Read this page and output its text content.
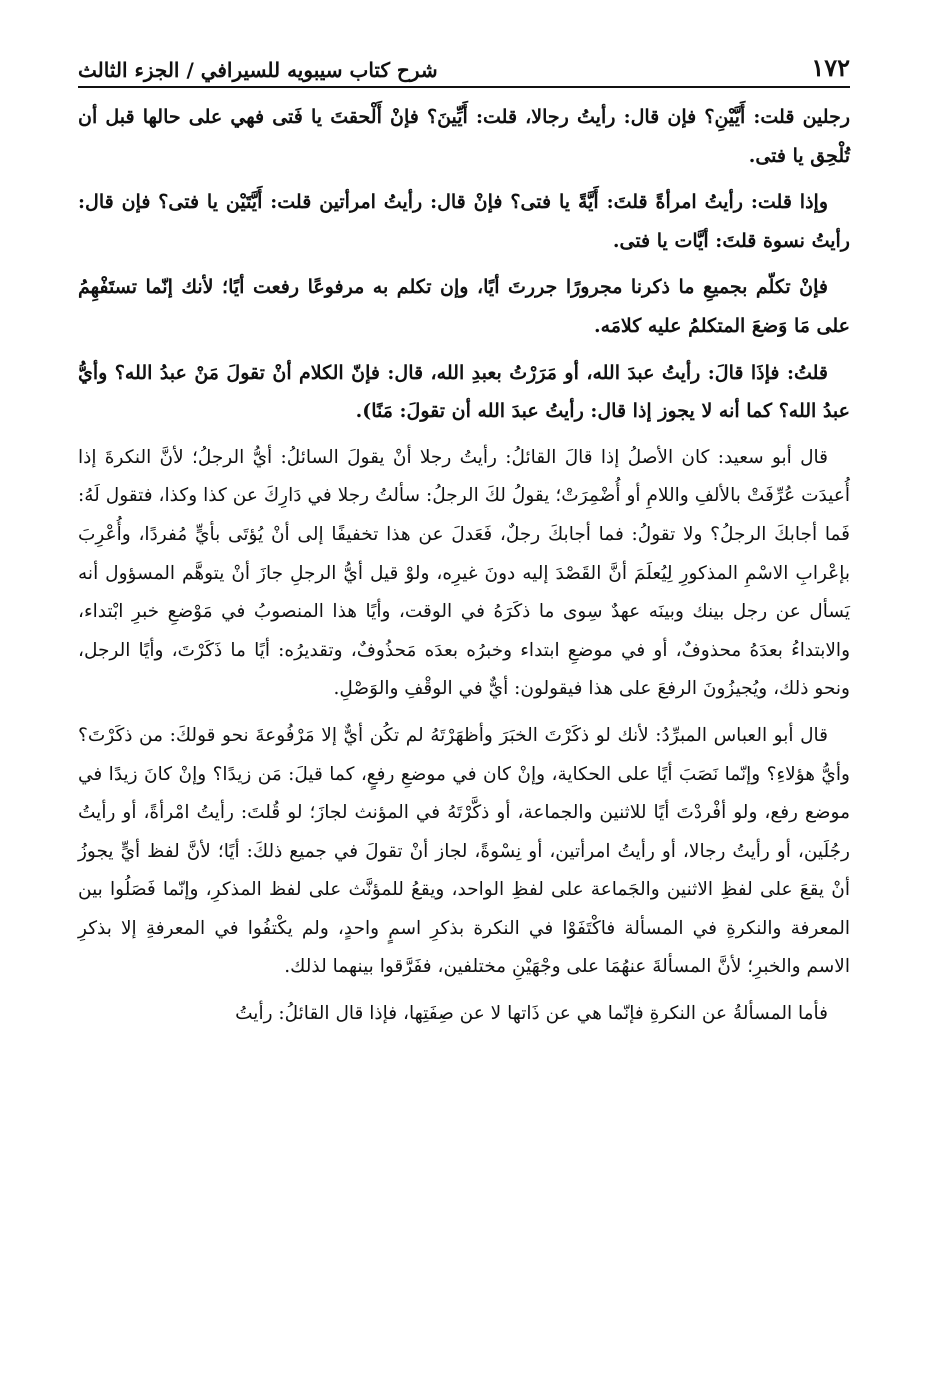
١٧٢
شرح كتاب سيبويه للسيرافي / الجزء الثالث

رجلين قلت: أَيَّيْنِ؟ فإن قال: رأيتُ رجالا، قلت: أَيِّينَ؟ فإنْ أَلْحقتَ يا فَتى فهي على حالها قبل أن تُلْحِق يا فتى.

وإذا قلت: رأيتُ امرأةً قلتَ: أَيَّةً يا فتى؟ فإنْ قال: رأيتُ امرأتين قلت: أَيَّتَيْن يا فتى؟ فإن قال: رأيتُ نسوة قلتَ: أيَّات يا فتى.

فإنْ تكلّم بجميعِ ما ذكرنا مجرورًا جررتَ أيًا، وإن تكلم به مرفوعًا رفعت أيًا؛ لأنك إنّما تستَفْهِمُ على مَا وَضعَ المتكلمُ عليه كلامَه.

قلتُ: فإذَا قالَ: رأيتُ عبدَ الله، أو مَرَرْتُ بعبدِ الله، قال: فإنّ الكلام أنْ تقولَ مَنْ عبدُ الله؟ وأيُّ عبدُ الله؟ كما أنه لا يجوز إذا قال: رأيتُ عبدَ الله أن تقولَ: مَنًا).

قال أبو سعيد: كان الأصلُ إذا قالَ القائلُ: رأيتُ رجلا أنْ يقولَ السائلُ: أيُّ الرجلُ؛ لأنَّ النكرةَ إذا أُعيدَت عُرِّفَتْ بالألفِ واللامِ أو أُضْمِرَتْ؛ يقولُ لكَ الرجلُ: سألتُ رجلا في دَارِكَ عن كذا وكذا، فتقول لَهُ: فَما أجابكَ الرجلُ؟ ولا تقولُ: فما أجابكَ رجلٌ، فَعَدلَ عن هذا تخفيفًا إلى أنْ يُؤتَى بأيٍّ مُفردًا، وأُعْرِبَ بإعْرابِ الاسْمِ المذكورِ لِيُعلَمَ أنَّ القَصْدَ إليه دونَ غيرِه، ولوْ قيل أيُّ الرجلِ جازَ أنْ يتوهَّم المسؤول أنه يَسأل عن رجل بينك وبينَه عهدٌ سِوى ما ذكَرَهُ في الوقت، وأيًا هذا المنصوبُ في مَوْضعِ خبرِ ابْتداء، والابتداءُ بعدَهُ محذوفٌ، أو في موضعِ ابتداء وخبرُه بعدَه مَحذُوفٌ، وتقديرُه: أيًا ما ذَكَرْتَ، وأيًا الرجل، ونحو ذلك، ويُجيزُونَ الرفعَ على هذا فيقولون: أيٌّ في الوقْفِ والوَصْلِ.

قال أبو العباس المبرِّدُ: لأنك لو ذكَرْتَ الخبَرَ وأظهَرْتَهُ لم تكُن أيٌّ إلا مَرْفُوعةَ نحو قولكَ: من ذكَرْتَ؟ وأيُّ هؤلاءِ؟ وإنّما نَصَبَ أيًا على الحكاية، وإنْ كان في موضعِ رفعٍ، كما قيلَ: مَن زيدًا؟ وإنْ كانَ زيدًا في موضع رفع، ولو أفْردْتَ أيًا للاثنين والجماعة، أو ذكَّرْتَهُ في المؤنث لجازَ؛ لو قُلتَ: رأيتُ امْرأةً، أو رأيتُ رجُلَين، أو رأيتُ رجالا، أو رأيتُ امرأتين، أو نِسْوةً، لجاز أنْ تقولَ في جميع ذلكَ: أيًا؛ لأنَّ لفظ أيٍّ يجوزُ أنْ يقعَ على لفظِ الاثنين والجَماعة على لفظِ الواحد، ويقعُ للمؤنَّث على لفظ المذكرِ، وإنّما فَصَلُوا بين المعرفة والنكرةِ في المسألة فاكْتَفَوْا في النكرة بذكرِ اسمٍ واحدٍ، ولم يكْتفُوا في المعرفةِ إلا بذكرِ الاسم والخبرِ؛ لأنَّ المسألةَ عنهُمَا على وجْهَيْنِ مختلفين، ففَرَّقوا بينهما لذلك.

فأما المسألةُ عن النكرةِ فإنّما هي عن ذَاتها لا عن صِفَتِها، فإذا قال القائلُ: رأيتُ
